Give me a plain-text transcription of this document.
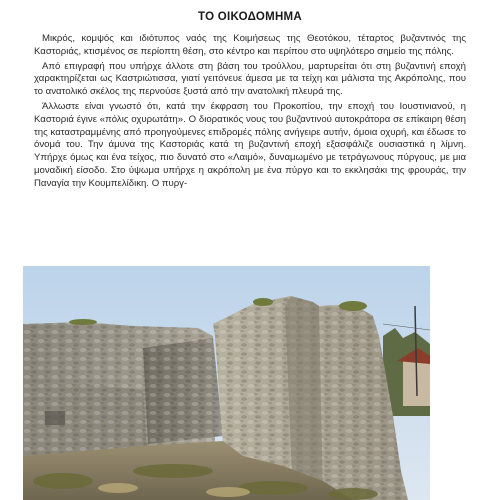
ΤΟ ΟΙΚΟΔΟΜΗΜΑ

Μικρός, κομψός και ιδιότυπος ναός της Κοιμήσεως της Θεοτόκου, τέταρτος βυζαντινός της Καστοριάς, κτισμένος σε περίοπτη θέση, στο κέντρο και περίπου στο υψηλότερο σημείο της πόλης.

Από επιγραφή που υπήρχε άλλοτε στη βάση του τρούλλου, μαρτυρείται ότι στη βυζαντινή εποχή χαρακτηρίζεται ως Καστριώτισσα, γιατί γειτόνευε άμεσα με τα τείχη και μάλιστα της Ακρόπολης, που το ανατολικό σκέλος της περνούσε ξυστά από την ανατολική πλευρά της.

Άλλωστε είναι γνωστό ότι, κατά την έκφραση του Προκοπίου, την εποχή του Ιουστινιανού, η Καστοριά έγινε «πόλις οχυρωτάτη». Ο διορατικός νους του βυζαντινού αυτοκράτορα σε επίκαιρη θέση της καταστραμμένης από προηγούμενες επιδρομές πόλης ανήγειρε αυτήν, όμοια οχυρή, και έδωσε το όνομά του. Την άμυνα της Καστοριάς κατά τη βυζαντινή εποχή εξασφάλιζε ουσιαστικά η λίμνη. Υπήρχε όμως και ένα τείχος, πιο δυνατό στο «Λαιμό», δυναμωμένο με τετράγωνους πύργους, με μια μοναδική είσοδο. Στο ύψωμα υπήρχε η ακρόπολη με ένα πύργο και το εκκλησάκι της φρουράς, την Παναγία την Κουμπελίδικη. Ο πυργ-
